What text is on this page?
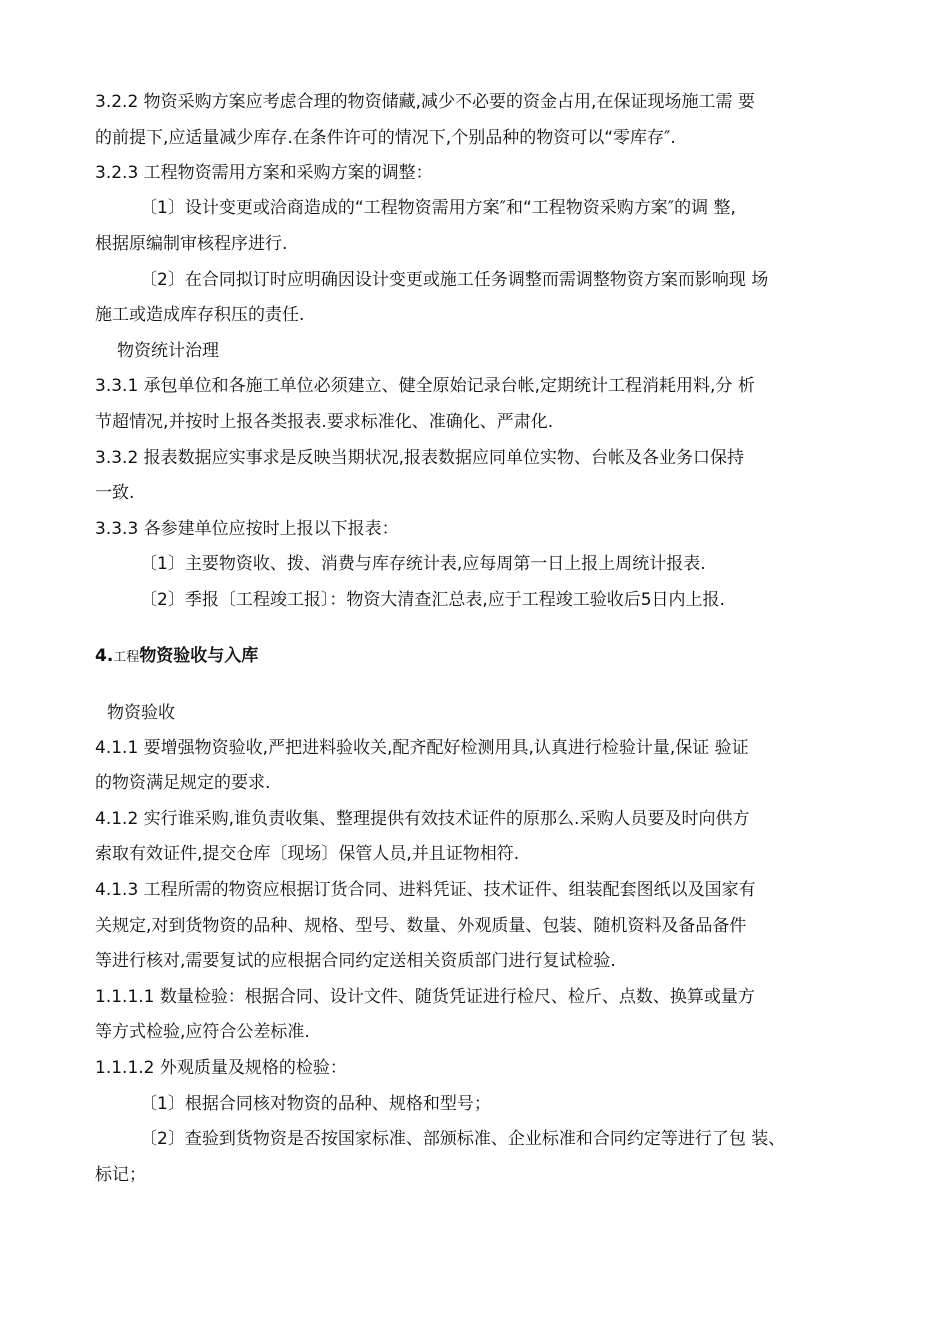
3.2.2 物资采购方案应考虑合理的物资储藏,减少不必要的资金占用,在保证现场施工需 要

的前提下,应适量减少库存.在条件许可的情况下,个别品种的物资可以“零库存″.

3.2.3 工程物资需用方案和采购方案的调整：

〔1〕设计变更或洽商造成的“工程物资需用方案″和“工程物资采购方案″的调 整,

根据原编制审核程序进行.

〔2〕在合同拟订时应明确因设计变更或施工任务调整而需调整物资方案而影响现 场

施工或造成库存积压的责任.

物资统计治理

3.3.1 承包单位和各施工单位必须建立、健全原始记录台帐,定期统计工程消耗用料,分 析

节超情况,并按时上报各类报表.要求标准化、准确化、严肃化.

3.3.2 报表数据应实事求是反映当期状况,报表数据应同单位实物、台帐及各业务口保持

一致.

3.3.3 各参建单位应按时上报以下报表：

〔1〕主要物资收、拨、消费与库存统计表,应每周第一日上报上周统计报表.

〔2〕季报〔工程竣工报〕：物资大清查汇总表,应于工程竣工验收后5日内上报.

4.工程物资验收与入库

物资验收

4.1.1 要增强物资验收,严把进料验收关,配齐配好检测用具,认真进行检验计量,保证 验证

的物资满足规定的要求.

4.1.2 实行谁采购,谁负责收集、整理提供有效技术证件的原那么.采购人员要及时向供方

索取有效证件,提交仓库〔现场〕保管人员,并且证物相符.

4.1.3 工程所需的物资应根据订货合同、进料凭证、技术证件、组装配套图纸以及国家有

关规定,对到货物资的品种、规格、型号、数量、外观质量、包装、随机资料及备品备件

等进行核对,需要复试的应根据合同约定送相关资质部门进行复试检验.

1.1.1.1 数量检验：根据合同、设计文件、随货凭证进行检尺、检斤、点数、换算或量方

等方式检验,应符合公差标准.

1.1.1.2 外观质量及规格的检验：

〔1〕根据合同核对物资的品种、规格和型号；

〔2〕查验到货物资是否按国家标准、部颁标准、企业标准和合同约定等进行了包 装、

标记；
